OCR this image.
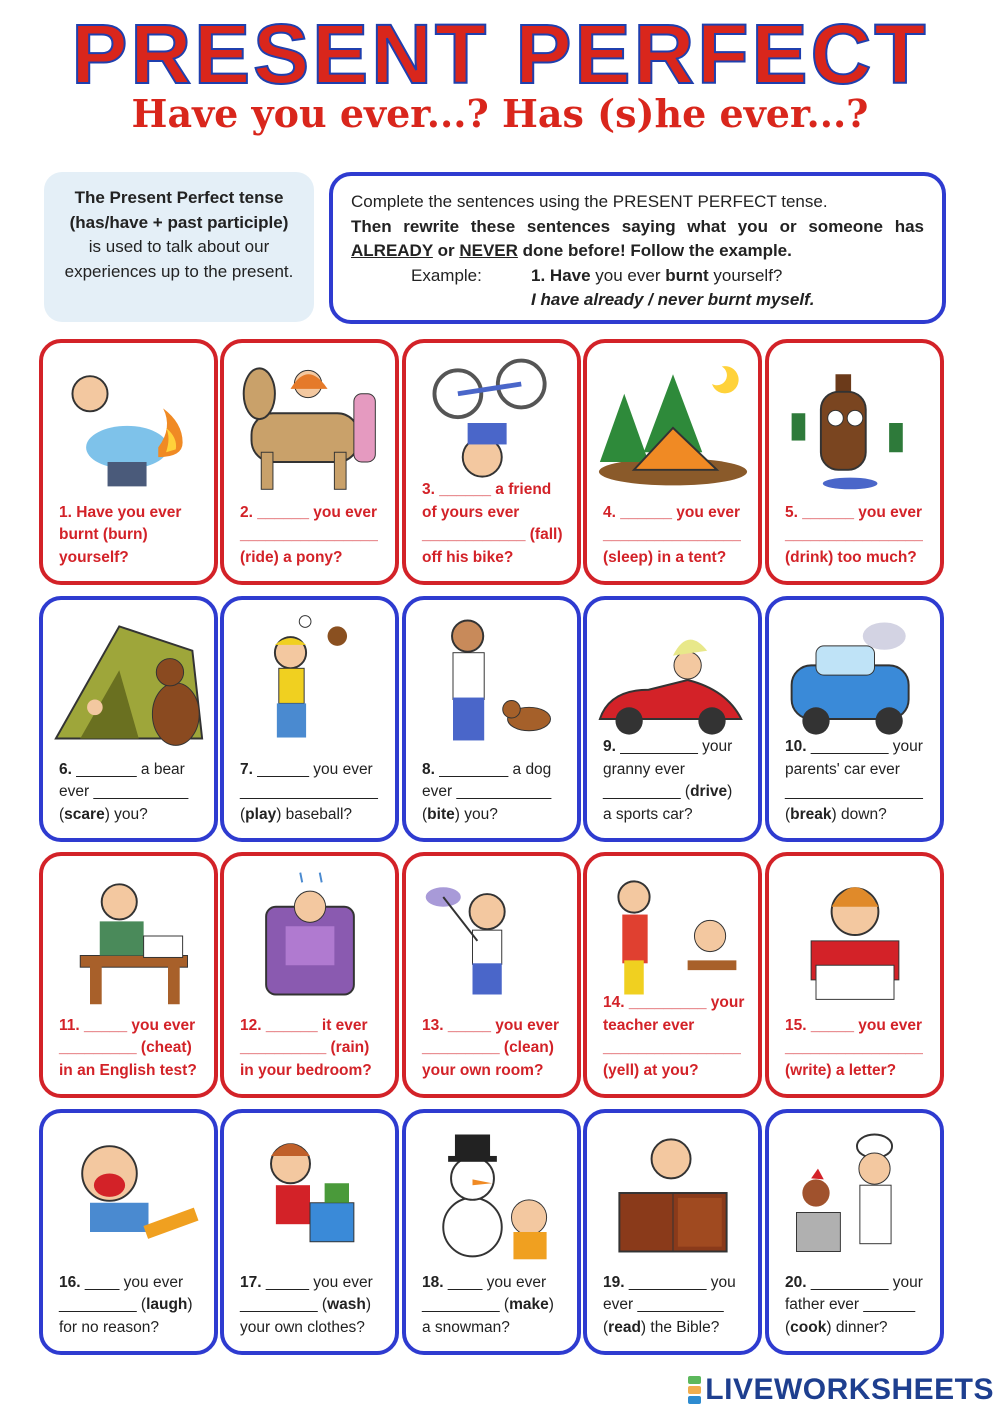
PRESENT PERFECT
Have you ever...? Has (s)he ever...?
The Present Perfect tense
(has/have + past participle)
is used to talk about our experiences up to the present.
Complete the sentences using the PRESENT PERFECT tense.
Then rewrite these sentences saying what you or someone has ALREADY or NEVER done before! Follow the example.
Example:	1. Have you ever burnt yourself?
I have already / never burnt myself.
1. Have you ever
burnt (burn)
yourself?
2. ______ you ever
________________
(ride) a pony?
3. ______ a friend
of yours ever
____________ (fall)
off his bike?
4. ______ you ever
________________
(sleep) in a tent?
5. ______ you ever
________________
(drink) too much?
6. _______ a bear
ever ___________
(scare) you?
7. ______ you ever
________________
(play) baseball?
8. ________ a dog
ever ___________
(bite) you?
9. _________ your
granny ever
_________ (drive)
a sports car?
10. _________ your
parents' car ever
________________
(break) down?
11. _____ you ever
_________ (cheat)
in an English test?
12. ______ it ever
__________ (rain)
in your bedroom?
13. _____ you ever
_________ (clean)
your own room?
14. _________ your
teacher ever
________________
(yell) at you?
15. _____ you ever
________________
(write) a letter?
16. ____ you ever
_________ (laugh)
for no reason?
17. _____ you ever
_________ (wash)
your own clothes?
18. ____ you ever
_________ (make)
a snowman?
19. _________ you
ever __________
(read) the Bible?
20. _________ your
father ever ______
(cook) dinner?
LIVEWORKSHEETS
